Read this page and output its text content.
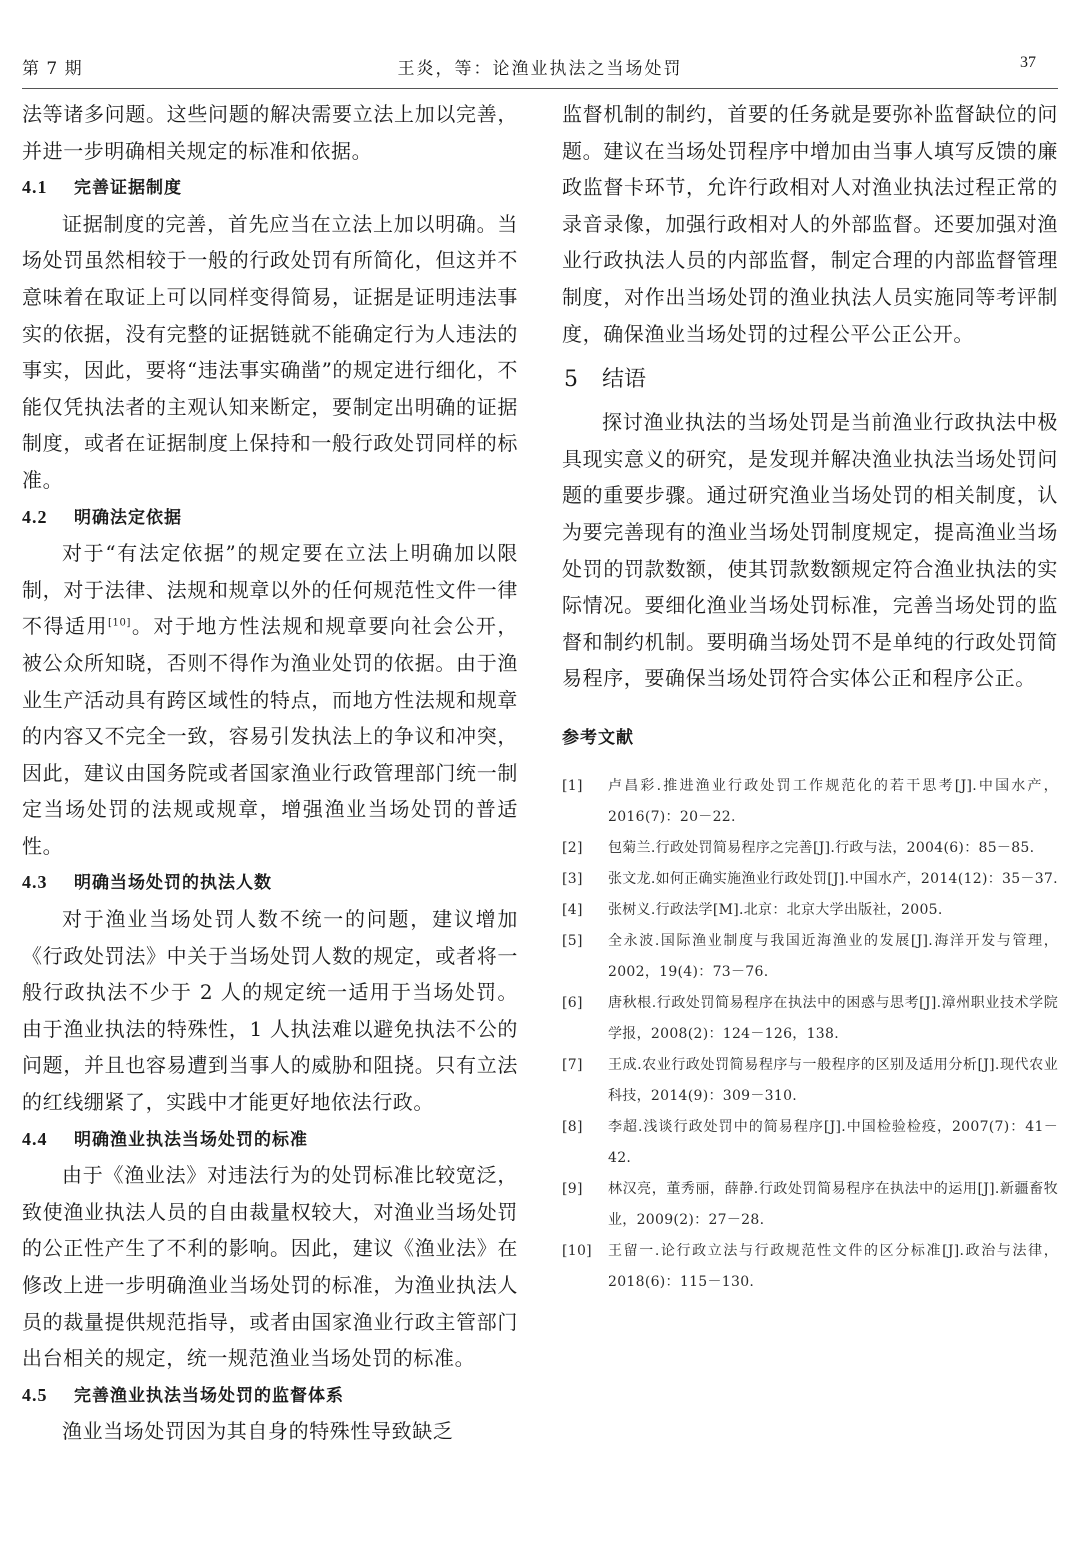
第 7 期	王炎，等：论渔业执法之当场处罚	37

法等诸多问题。这些问题的解决需要立法上加以完善，并进一步明确相关规定的标准和依据。

4.1 完善证据制度

证据制度的完善，首先应当在立法上加以明确。当场处罚虽然相较于一般的行政处罚有所简化，但这并不意味着在取证上可以同样变得简易，证据是证明违法事实的依据，没有完整的证据链就不能确定行为人违法的事实，因此，要将“违法事实确凿”的规定进行细化，不能仅凭执法者的主观认知来断定，要制定出明确的证据制度，或者在证据制度上保持和一般行政处罚同样的标准。

4.2 明确法定依据

对于“有法定依据”的规定要在立法上明确加以限制，对于法律、法规和规章以外的任何规范性文件一律不得适用[10]。对于地方性法规和规章要向社会公开，被公众所知晓，否则不得作为渔业处罚的依据。由于渔业生产活动具有跨区域性的特点，而地方性法规和规章的内容又不完全一致，容易引发执法上的争议和冲突，因此，建议由国务院或者国家渔业行政管理部门统一制定当场处罚的法规或规章，增强渔业当场处罚的普适性。

4.3 明确当场处罚的执法人数

对于渔业当场处罚人数不统一的问题，建议增加《行政处罚法》中关于当场处罚人数的规定，或者将一般行政执法不少于 2 人的规定统一适用于当场处罚。由于渔业执法的特殊性，1 人执法难以避免执法不公的问题，并且也容易遭到当事人的威胁和阻挠。只有立法的红线绷紧了，实践中才能更好地依法行政。

4.4 明确渔业执法当场处罚的标准

由于《渔业法》对违法行为的处罚标准比较宽泛，致使渔业执法人员的自由裁量权较大，对渔业当场处罚的公正性产生了不利的影响。因此，建议《渔业法》在修改上进一步明确渔业当场处罚的标准，为渔业执法人员的裁量提供规范指导，或者由国家渔业行政主管部门出台相关的规定，统一规范渔业当场处罚的标准。

4.5 完善渔业执法当场处罚的监督体系

渔业当场处罚因为其自身的特殊性导致缺乏

监督机制的制约，首要的任务就是要弥补监督缺位的问题。建议在当场处罚程序中增加由当事人填写反馈的廉政监督卡环节，允许行政相对人对渔业执法过程正常的录音录像，加强行政相对人的外部监督。还要加强对渔业行政执法人员的内部监督，制定合理的内部监督管理制度，对作出当场处罚的渔业执法人员实施同等考评制度，确保渔业当场处罚的过程公平公正公开。

5 结语

探讨渔业执法的当场处罚是当前渔业行政执法中极具现实意义的研究，是发现并解决渔业执法当场处罚问题的重要步骤。通过研究渔业当场处罚的相关制度，认为要完善现有的渔业当场处罚制度规定，提高渔业当场处罚的罚款数额，使其罚款数额规定符合渔业执法的实际情况。要细化渔业当场处罚标准，完善当场处罚的监督和制约机制。要明确当场处罚不是单纯的行政处罚简易程序，要确保当场处罚符合实体公正和程序公正。

参考文献
[1]	卢昌彩.推进渔业行政处罚工作规范化的若干思考[J].中国水产，2016(7)：20－22.
[2]	包菊兰.行政处罚简易程序之完善[J].行政与法，2004(6)：85－85.
[3]	张文龙.如何正确实施渔业行政处罚[J].中国水产，2014(12)：35－37.
[4]	张树义.行政法学[M].北京：北京大学出版社，2005.
[5]	全永波.国际渔业制度与我国近海渔业的发展[J].海洋开发与管理，2002，19(4)：73－76.
[6]	唐秋根.行政处罚简易程序在执法中的困惑与思考[J].漳州职业技术学院学报，2008(2)：124－126，138.
[7]	王成.农业行政处罚简易程序与一般程序的区别及适用分析[J].现代农业科技，2014(9)：309－310.
[8]	李超.浅谈行政处罚中的简易程序[J].中国检验检疫，2007(7)：41－42.
[9]	林汉亮，董秀丽，薛静.行政处罚简易程序在执法中的运用[J].新疆畜牧业，2009(2)：27－28.
[10]	王留一.论行政立法与行政规范性文件的区分标准[J].政治与法律，2018(6)：115－130.
